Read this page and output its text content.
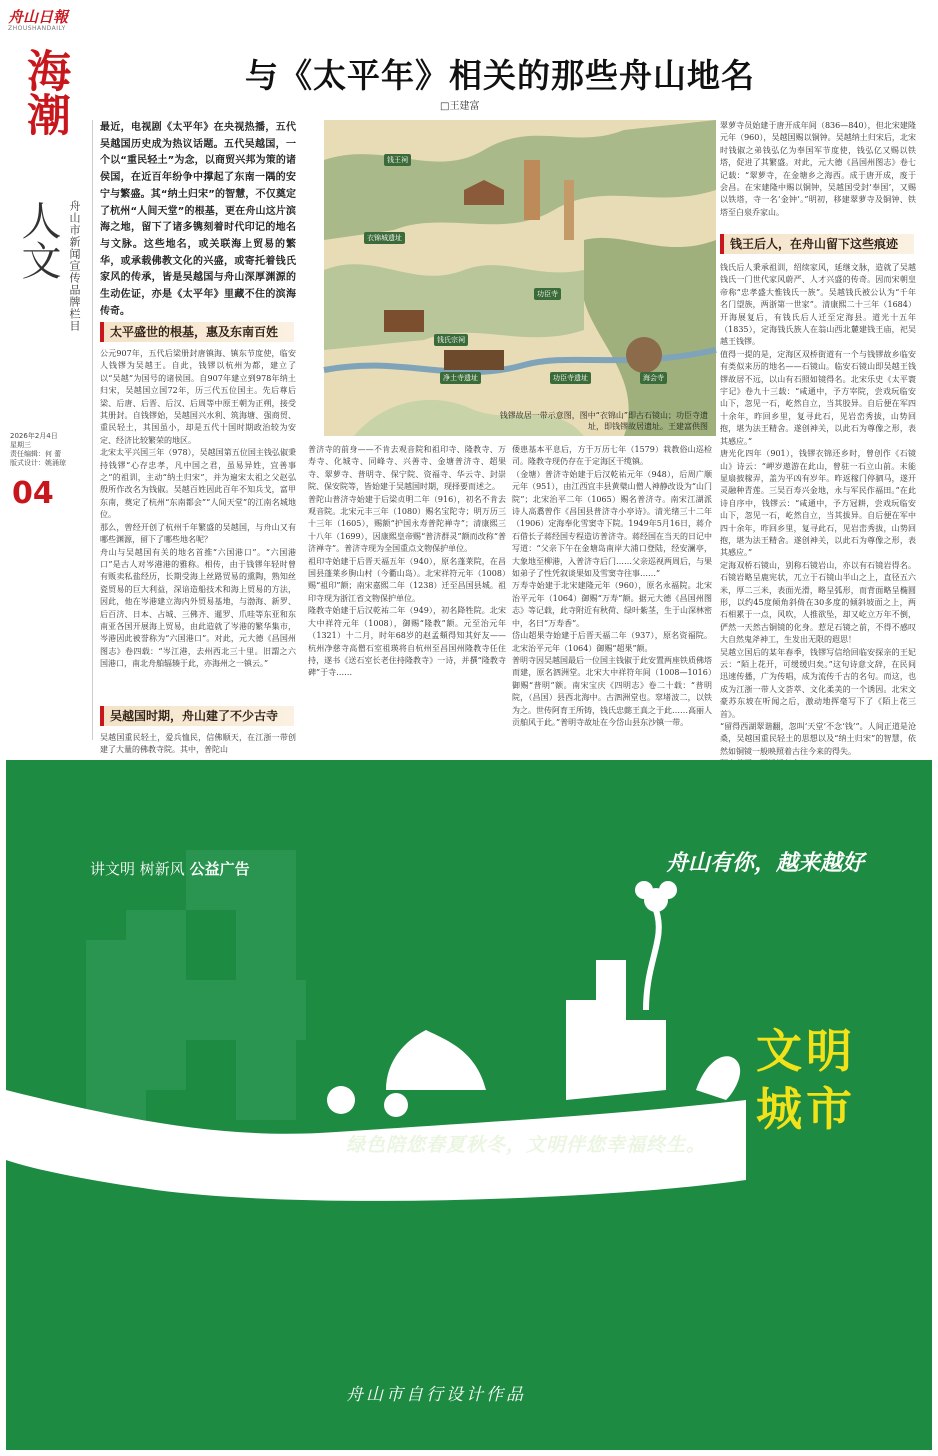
舟山日報
ZHOUSHANDAILY
海潮
人文 舟山市新闻宣传品牌栏目
2026年2月4日
星期三
责任编辑：何 蕾
版式设计：姚涌琼
04
与《太平年》相关的那些舟山地名
□王建富
最近，电视剧《太平年》在央视热播，五代吴越国历史成为热议话题。五代吴越国，一个以“重民轻土”为念，以商贸兴邦为策的诸侯国，在近百年纷争中撑起了东南一隅的安宁与繁盛。其“纳土归宋”的智慧，不仅奠定了杭州“人间天堂”的根基，更在舟山这片滨海之地，留下了诸多镌刻着时代印记的地名与文脉。这些地名，或关联海上贸易的繁华，或承载佛教文化的兴盛，或寄托着钱氏家风的传承，皆是吴越国与舟山深厚渊源的生动佐证，亦是《太平年》里藏不住的滨海传奇。
太平盛世的根基，惠及东南百姓
公元907年，五代后梁册封唐镇海、镇东节度使，临安人钱镠为吴越王。自此，钱镠以杭州为都，建立了以“吴越”为国号的诸侯国。自907年建立到978年纳土归宋，吴越国立国72年，历三代五位国主。先后尊后梁、后唐、后晋、后汉、后周等中原王朝为正朔，接受其册封。自钱镠始，吴越国兴水利、筑海塘、强商贸、重民轻土，其国虽小，却是五代十国时期政治较为安定、经济比较繁荣的地区。
北宋太平兴国三年（978），吴越国第五位国主钱弘俶秉持钱镠“心存忠孝，凡中国之君，虽易异姓，宜善事之”的祖训，主动“纳土归宋”，并为遍宋太祖之父赵弘殷所作改名为钱俶。吴越百姓因此百年不知兵戈，富甲东南，奠定了杭州“东南都会”“人间天堂”的江南名城地位。
那么，曾经开创了杭州千年繁盛的吴越国，与舟山又有哪些渊源，留下了哪些地名呢？
舟山与吴越国有关的地名首推“六国港口”。“六国港口”是古人对岑港港的雅称。相传，由于钱镠年轻时曾有贩卖私盐经历，长期受海上丝路贸易的熏陶，熟知丝瓷贸易的巨大利益，深谙造船技术和海上贸易的方法，因此，他在岑港建立海内外贸易基地，与渤海、新罗、后百济、日本、占城、三佛齐、暹罗、爪哇等东亚和东南亚各国开展海上贸易，由此造就了岑港的繁华集市，岑港因此被誉称为“六国港口”。对此，元大德《昌国州图志》卷四载：“岑江港，去州西北三十里。旧謂之六国港口，南北舟舶辐辏于此，亦海州之一镇云。”
吴越国时期，舟山建了不少古寺
吴越国重民轻土，爱兵恤民，信佛顺天，在江浙一带创建了大量的佛教寺院。其中，普陀山
钱王祠
衣锦城遗址
钱氏宗祠
功臣寺
净土寺遗址	功臣寺遗址	海会寺
钱镠故居一带示意图，图中“衣锦山”即古石镜山；功臣寺遗址，即钱镠故居遗址。王建富供图
普济寺的前身——不肯去观音院和祖印寺、隆教寺、万寿寺、化城寺、同峰寺、兴善寺、金塘普济寺、超果寺、翠萝寺、普明寺、保宁院、资福寺、华云寺、封崇院、保安院等，皆始建于吴越国时期，现择要而述之。
普陀山普济寺始建于后梁贞明二年（916），初名不肯去观音院。北宋元丰三年（1080）赐名宝陀寺；明万历三十三年（1605），赐额“护国永寿普陀禅寺”；清康熙三十八年（1699），因康熙皇帝赐“普济群灵”额而改称“普济禅寺”。普济寺现为全国重点文物保护单位。
祖印寺始建于后晋天福五年（940），原名蓬莱院，在昌国县蓬莱乡朐山村（今衢山岛）。北宋祥符元年（1008）赐“祖印”额；南宋嘉熙二年（1238）迁至昌国县城。祖印寺现为浙江省文物保护单位。
隆教寺始建于后汉乾祐二年（949），初名降牲院。北宋大中祥符元年（1008），御赐“隆教”额。元至治元年（1321）十二月，时年68岁的赵孟頫得知其好友——杭州净慈寺高僧石室祖瑛将自杭州至昌国州隆教寺任住持，遂书《送石室长老住持隆教寺》一诗，并撰“隆教寺碑”于寺……
倭患基本平息后，方于万历七年（1579）栽教俗山巡检司。隆教寺现仍存在于定海区干缆镇。
（金塘）普济寺始建于后汉乾祐元年（948），后周广顺元年（951），由江西宜丰县黄檗山僧人神静改设为“山门院”；北宋治平二年（1065）赐名普济寺。南宋江湖派诗人高翥曾作《昌国县普济寺小亭诗》。清光绪三十二年（1906）定海奉化雪窦寺下院。1949年5月16日，蒋介石借长子蒋经国专程造访普济寺。蒋经国在当天的日记中写道：“父亲下午在金塘岛南岸大浦口登陆，经安澜亭，大象地至柳港，入普济寺后门……父亲巡视两周后，与果如弟子了性凭叙谈果如及雪窦寺往事……”
万寿寺始建于北宋建隆元年（960），原名永福院。北宋治平元年（1064）御赐“万寿”额。据元大德《昌国州图志》等记载，此寺附近有秋荷、绿叶紫茎，生于山深林密中，名曰“万寿香”。
岱山超果寺始建于后晋天福二年（937），原名资福院。北宋治平元年（1064）御赐“超果”额。
普明寺因吴越国最后一位国主钱俶于此安置两座铁质佛塔而建，原名泗洲堂。北宋大中祥符年间（1008—1016）御赐“普明”额。南宋宝庆《四明志》卷二十载：“普明院，（昌国）县西北海中。古泗洲堂也。窣堵波二，以铁为之。世传阿育王所铸，钱氏忠懿王真之于此……高丽人贡舶风于此。”普明寺故址在今岱山县东沙镇一带。
翠萝寺员始建于唐开成年间（836—840），但北宋建隆元年（960），吴越国赐以铜钟。吴越纳土归宋后，北宋时钱俶之弟钱弘亿为奉国军节度使，钱弘亿又赐以铁塔，促进了其繁盛。对此，元大德《昌国州图志》卷七记载：“翠萝寺，在金塘乡之海西。成于唐开成，废于会昌。在宋建隆中赐以铜钟，吴越国受封‘奉国’，又赐以铁塔，寺一名‘金钟’。”明初，移建翠萝寺及铜钟、铁塔至白泉乔家山。
钱王后人，在舟山留下这些痕迹
钱氏后人秉承祖训，绍续家风，延继文脉，造就了吴越钱氏一门世代家风蔚严、人才兴盛的传奇。因而宋朝皇帝称“忠孝盛大惟钱氏一族”。吴越钱氏被公认为“千年名门望族，两浙第一世家”。清康熙二十三年（1684）开海展复后，有钱氏后人迁至定海县。道光十五年（1835），定海钱氏族人在翁山西北麓建钱王庙，祀吴越王钱镠。
值得一提的是，定海区双桥街道有一个与钱镠故乡临安有类似来历的地名——石镜山。临安石镜山即吴越王钱镠故居不远，以山有石照如镜得名。北宋乐史《太平寰宇记》卷九十三载：“咸通中，予方宰院，尝戏玩临安山下，忽见一石，屹然自立，当其胶异。自后便在军四十余年，昨回乡里，复寻此石，见岩峦秀拔，山势回抱，堪为法王精舍。遂创神关，以此石为尊像之形，表其感应。”
唐光化四年（901），钱镠衣锦还乡时，曾创作《石镜山》诗云：“岬岁遨游在此山，曾驻一石立山前。未能显扇披稼弄，盖为平凶有岁年。昨返稼门停驷马，遂开灵融种青莲。三吴百寿兴金地，永与军民作福田。”在此诗自序中，钱镠云：“咸通中，予方冠耕，尝戏玩临安山下，忽见一石，屹然自立，当其拔异。自后便在军中四十余年，昨回乡里，复寻此石，见岩峦秀拔，山势回抱，堪为法王精舍。遂创神关，以此石为尊像之形，表其感应。”
定海双桥石镜山，别称石镜岩山，亦以有石镜岩得名。石镜岩略呈鹿宪状，兀立于石镜山半山之上，直径五六米，厚二三米，表面光滑，略呈弧形，而背面略呈椭圆形，以约45度倾角斜倚在30多度的倾斜坡面之上，两石相累于一点，风吹，人推欲坠，却又屹立万年不倒，俨然一天然古铜镜的化身。惹足石镜之前，不得不感叹大自然鬼斧神工，生发出无限的遐思！
吴越立国后的某年春季，钱镠写信给回临安探亲的王妃云：“陌上花开，可缓缓归矣。”这句诗意文辞，在民间迅速传播，广为传唱，成为流传千古的名句。而这，也成为江浙一带人文荟萃、文化柔美的一个诱因。北宋文豪苏东坡在听闻之后，激动地挥毫写下了《陌上花三首》。
“留得西湖翠谐翻，忽叫‘天堂’不念‘钱’”。人间正道是沧桑，吴越国重民轻土的思想以及“纳土归宋”的智慧，依然如铜镜一般映照着古往今来的得失。

讲文明 树新风 公益广告	舟山有你，越来越好
文明城市
绿色陪您春夏秋冬，文明伴您幸福终生。
舟山市自行设计作品
